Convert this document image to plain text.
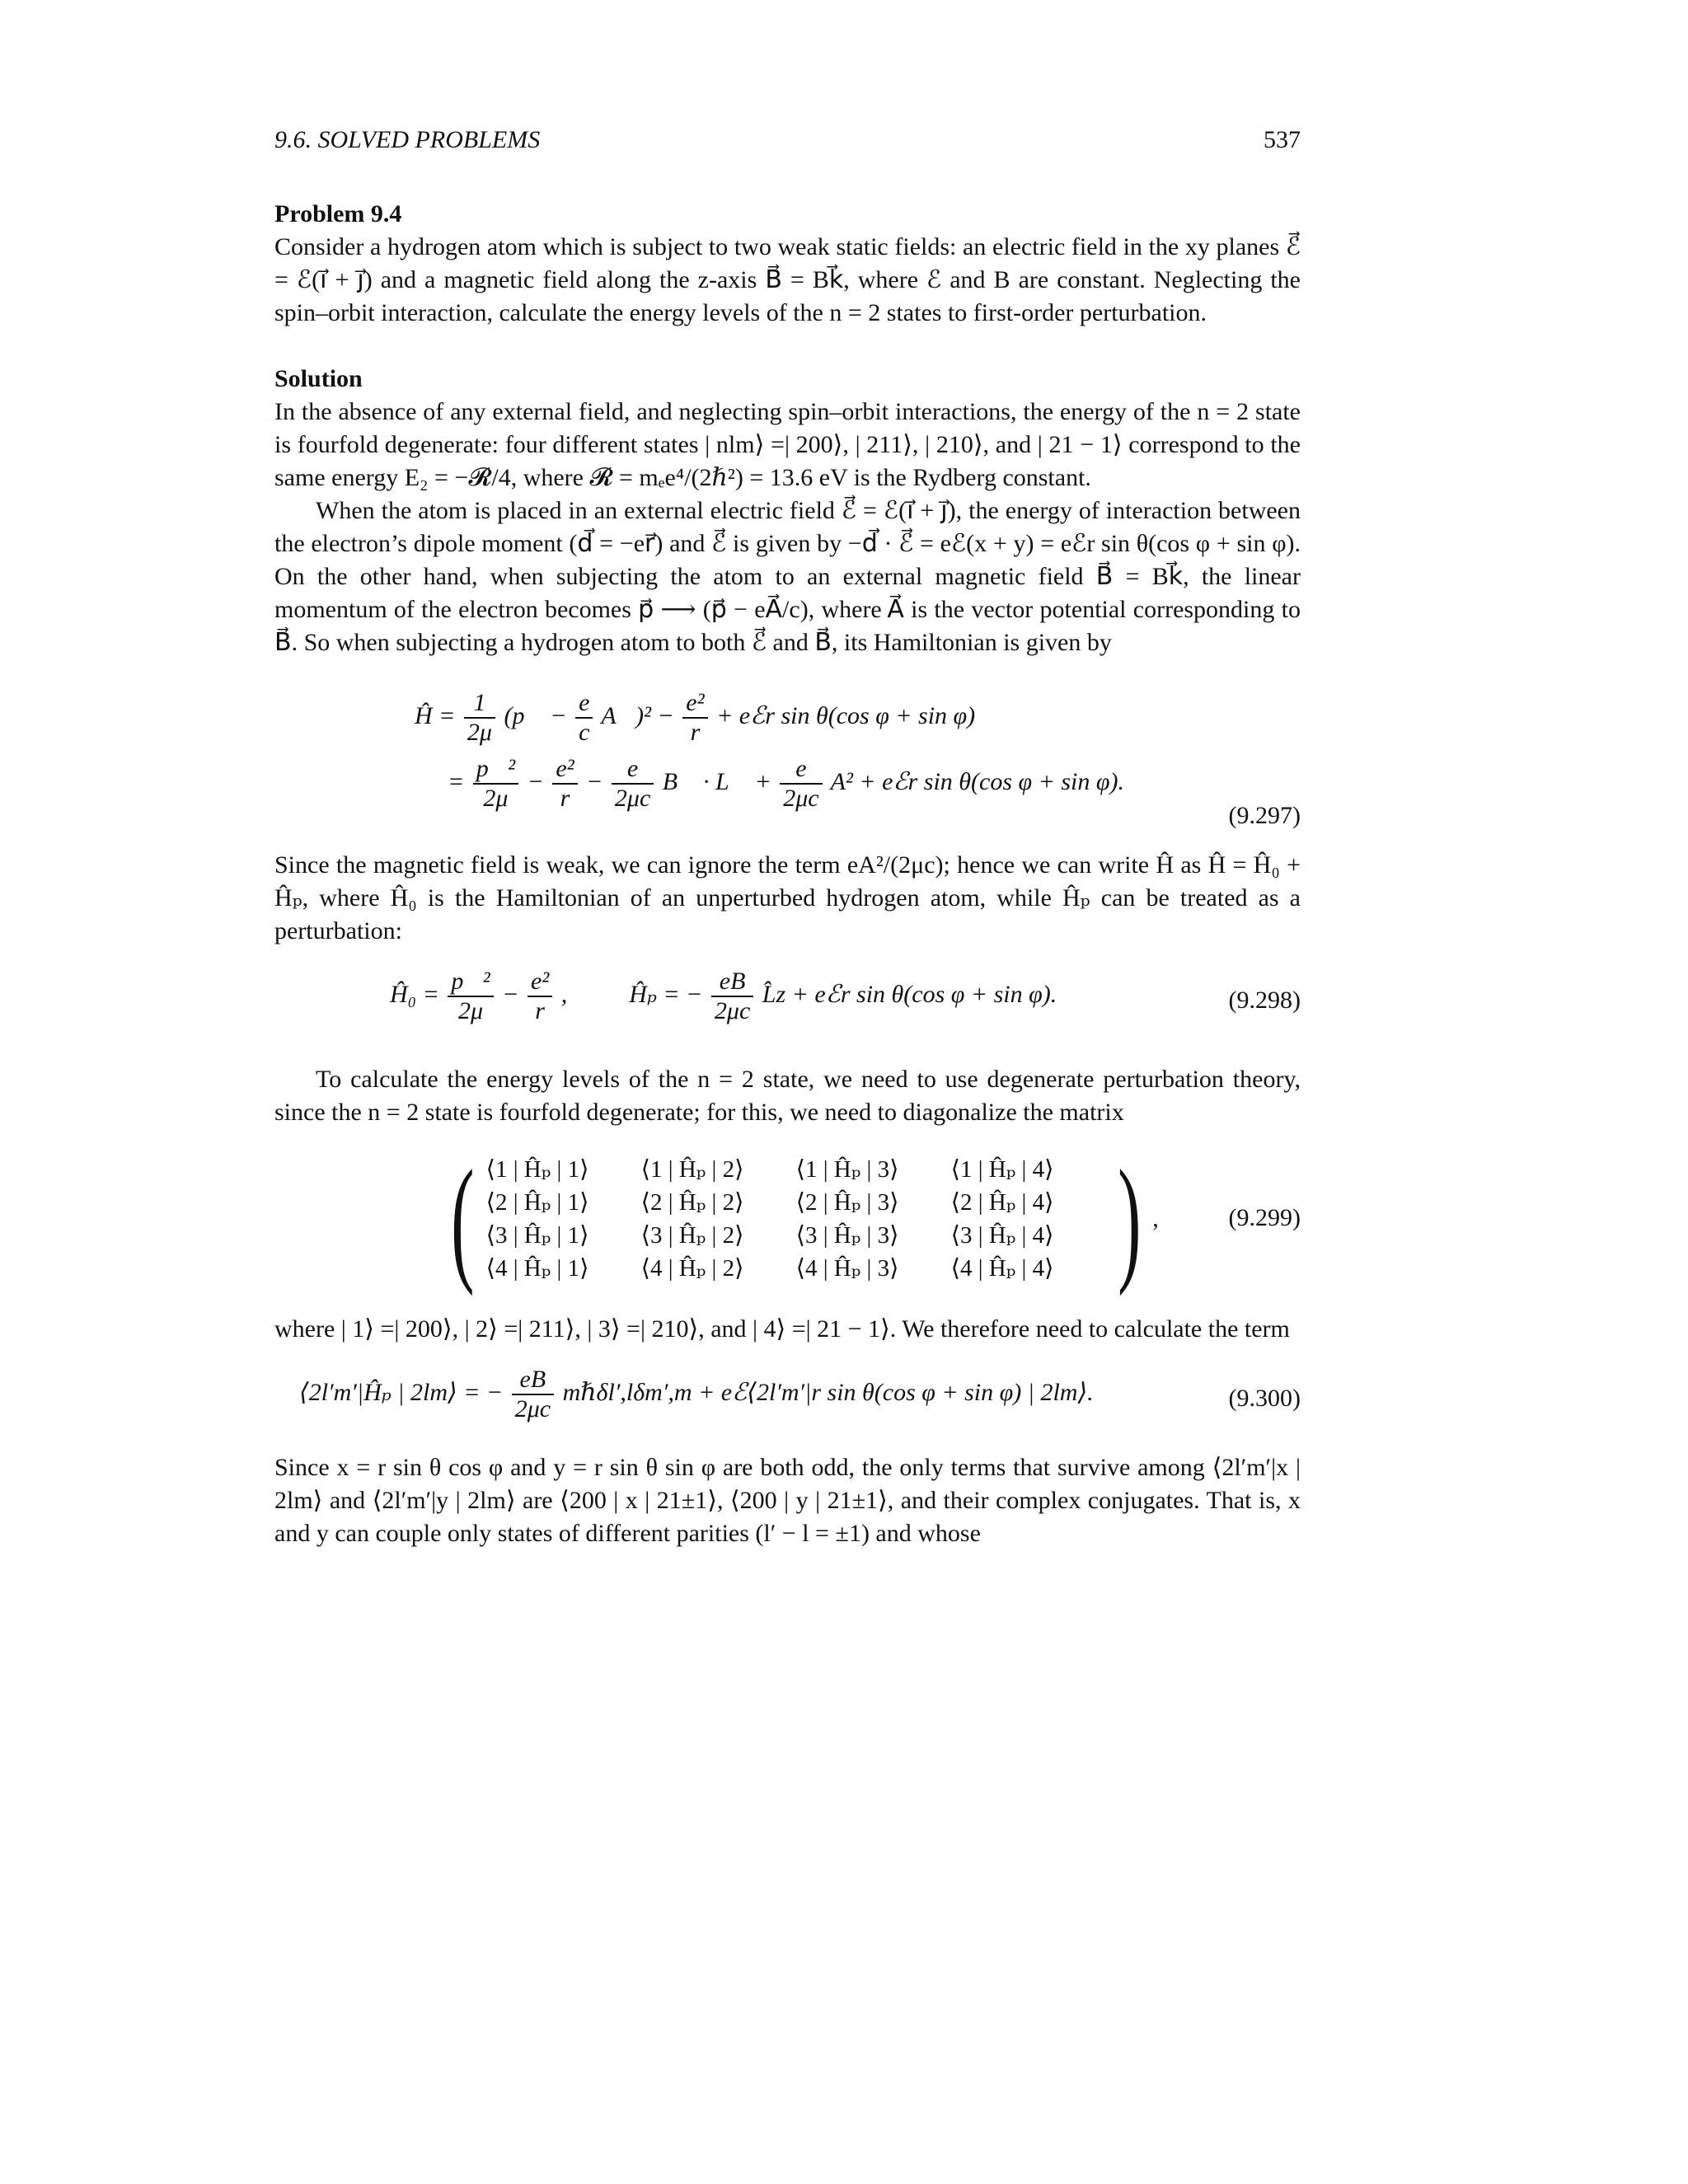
9.6. SOLVED PROBLEMS	537
Problem 9.4

Consider a hydrogen atom which is subject to two weak static fields: an electric field in the xy planes ℰ⃗ = ℰ(i⃗ + j⃗) and a magnetic field along the z-axis B⃗ = Bk⃗, where ℰ and B are constant. Neglecting the spin–orbit interaction, calculate the energy levels of the n = 2 states to first-order perturbation.

Solution

In the absence of any external field, and neglecting spin–orbit interactions, the energy of the n = 2 state is fourfold degenerate: four different states | nlm⟩ =| 200⟩, | 211⟩, | 210⟩, and | 21 − 1⟩ correspond to the same energy E₂ = −𝓡/4, where 𝓡 = mₑe⁴/(2ℏ²) = 13.6 eV is the Rydberg constant.

When the atom is placed in an external electric field ℰ⃗ = ℰ(i⃗ + j⃗), the energy of interaction between the electron’s dipole moment (d⃗ = −er⃗) and ℰ⃗ is given by −d⃗ · ℰ⃗ = eℰ(x + y) = eℰr sin θ(cos φ + sin φ). On the other hand, when subjecting the atom to an external magnetic field B⃗ = Bk⃗, the linear momentum of the electron becomes p⃗ ⟶ (p⃗ − eA⃗/c), where A⃗ is the vector potential corresponding to B⃗. So when subjecting a hydrogen atom to both ℰ⃗ and B⃗, its Hamiltonian is given by

Ĥ = $\frac{1}{2\mu}$ (p⃗ − $\frac{e}{c}$ A⃗)² − $\frac{\text{e²}}{r}$ + eℰr sin θ(cos φ + sin φ)
= $\frac{\text{p⃗²}}{2\mu} - \frac{\text{e²}}{r} - \frac{e}{2\mu c}$ B⃗ · L⃗ + $\frac{e}{2\mu c} A^2$ + eℰr sin θ(cos φ + sin φ).
(9.297)

Since the magnetic field is weak, we can ignore the term eA²/(2μc); hence we can write Ĥ as Ĥ = Ĥ₀ + Ĥₚ, where Ĥ₀ is the Hamiltonian of an unperturbed hydrogen atom, while Ĥₚ can be treated as a perturbation:

Ĥ₀ = $\frac{\text{p⃗²}}{2\mu} - \frac{\text{e²}}{r}$ ,	Ĥₚ = − $\frac{eB}{2\mu c}$ L̂z + eℰr sin θ(cos φ + sin φ).	(9.298)

To calculate the energy levels of the n = 2 state, we need to use degenerate perturbation theory, since the n = 2 state is fourfold degenerate; for this, we need to diagonalize the matrix

( ⟨1 | Ĥₚ | 1⟩	⟨1 | Ĥₚ | 2⟩	⟨1 | Ĥₚ | 3⟩	⟨1 | Ĥₚ | 4⟩
⟨2 | Ĥₚ | 1⟩	⟨2 | Ĥₚ | 2⟩	⟨2 | Ĥₚ | 3⟩	⟨2 | Ĥₚ | 4⟩
⟨3 | Ĥₚ | 1⟩	⟨3 | Ĥₚ | 2⟩	⟨3 | Ĥₚ | 3⟩	⟨3 | Ĥₚ | 4⟩
⟨4 | Ĥₚ | 1⟩	⟨4 | Ĥₚ | 2⟩	⟨4 | Ĥₚ | 3⟩	⟨4 | Ĥₚ | 4⟩ ) ,	(9.299)

where | 1⟩ =| 200⟩, | 2⟩ =| 211⟩, | 3⟩ =| 210⟩, and | 4⟩ =| 21 − 1⟩. We therefore need to calculate the term

⟨2l′m′|Ĥₚ | 2lm⟩ = − $\frac{eB}{2\mu c}$ mℏδl′,lδm′,m + eℰ⟨2l′m′|r sin θ(cos φ + sin φ) | 2lm⟩.	(9.300)

Since x = r sin θ cos φ and y = r sin θ sin φ are both odd, the only terms that survive among ⟨2l′m′|x | 2lm⟩ and ⟨2l′m′|y | 2lm⟩ are ⟨200 | x | 21±1⟩, ⟨200 | y | 21±1⟩, and their complex conjugates. That is, x and y can couple only states of different parities (l′ − l = ±1) and whose
